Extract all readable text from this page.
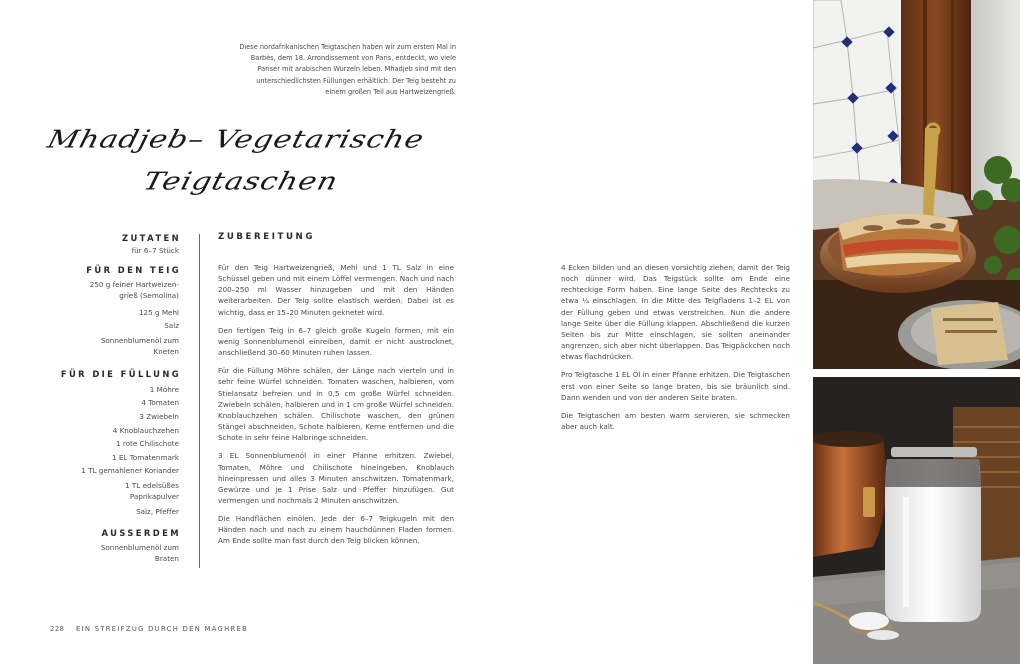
Diese nordafrikanischen Teigtaschen haben wir zum ersten Mal in Barbès, dem 18. Arrondissement von Paris, entdeckt, wo viele Pariser mit arabischen Wurzeln leben. Mhadjeb sind mit den unterschiedlichsten Füllungen erhältlich. Der Teig besteht zu einem großen Teil aus Hartweizengrieß.
Mhadjeb– Vegetarische
Teigtaschen
ZUTATEN
für 6–7 Stück
FÜR DEN TEIG
250 g feiner Hartweizen-
grieß (Semolina)
125 g Mehl
Salz
Sonnenblumenöl zum
Kneten
FÜR DIE FÜLLUNG
1 Möhre
4 Tomaten
3 Zwiebeln
4 Knoblauchzehen
1 rote Chilischote
1 EL Tomatenmark
1 TL gemahlener Koriander
1 TL edelsüßes
Paprikapulver
Salz, Pfeffer
AUSSERDEM
Sonnenblumenöl zum
Braten
ZUBEREITUNG

Für den Teig Hartweizengrieß, Mehl und 1 TL Salz in eine Schüssel geben und mit einem Löffel vermengen. Nach und nach 200–250 ml Wasser hinzugeben und mit den Händen weiterarbeiten. Der Teig sollte elastisch werden. Dabei ist es wichtig, dass er 15–20 Minuten geknetet wird.

Den fertigen Teig in 6–7 gleich große Kugeln formen, mit ein wenig Sonnenblumenöl einreiben, damit er nicht austrocknet, anschließend 30–60 Minuten ruhen lassen.

Für die Füllung Möhre schälen, der Länge nach vierteln und in sehr feine Würfel schneiden. Tomaten waschen, halbieren, vom Stielansatz befreien und in 0,5 cm große Würfel schneiden. Zwiebeln schälen, halbieren und in 1 cm große Würfel schneiden. Knoblauchzehen schälen. Chilischote waschen, den grünen Stängel abschneiden, Schote halbieren, Kerne entfernen und die Schote in sehr feine Halbringe schneiden.

3 EL Sonnenblumenöl in einer Pfanne erhitzen. Zwiebel, Tomaten, Möhre und Chilischote hineingeben. Knoblauch hineinpressen und alles 3 Minuten anschwitzen. Tomatenmark, Gewürze und je 1 Prise Salz und Pfeffer hinzufügen. Gut vermengen und nochmals 2 Minuten anschwitzen.

Die Handflächen einölen. Jede der 6–7 Teigkugeln mit den Händen nach und nach zu einem hauchdünnen Fladen formen. Am Ende sollte man fast durch den Teig blicken können.

4 Ecken bilden und an diesen vorsichtig ziehen, damit der Teig noch dünner wird. Das Teigstück sollte am Ende eine rechteckige Form haben. Eine lange Seite des Rechtecks zu etwa ¼ einschlagen. In die Mitte des Teigfladens 1–2 EL von der Füllung geben und etwas verstreichen. Nun die andere lange Seite über die Füllung klappen. Abschließend die kurzen Seiten bis zur Mitte einschlagen, sie sollten aneinander angrenzen, sich aber nicht überlappen. Das Teigpäckchen noch etwas flachdrücken.

Pro Teigtasche 1 EL Öl in einer Pfanne erhitzen. Die Teigtaschen erst von einer Seite so lange braten, bis sie bräunlich sind. Dann wenden und von der anderen Seite braten.

Die Teigtaschen am besten warm servieren, sie schmecken aber auch kalt.

228 EIN STREIFZUG DURCH DEN MAGHREB
